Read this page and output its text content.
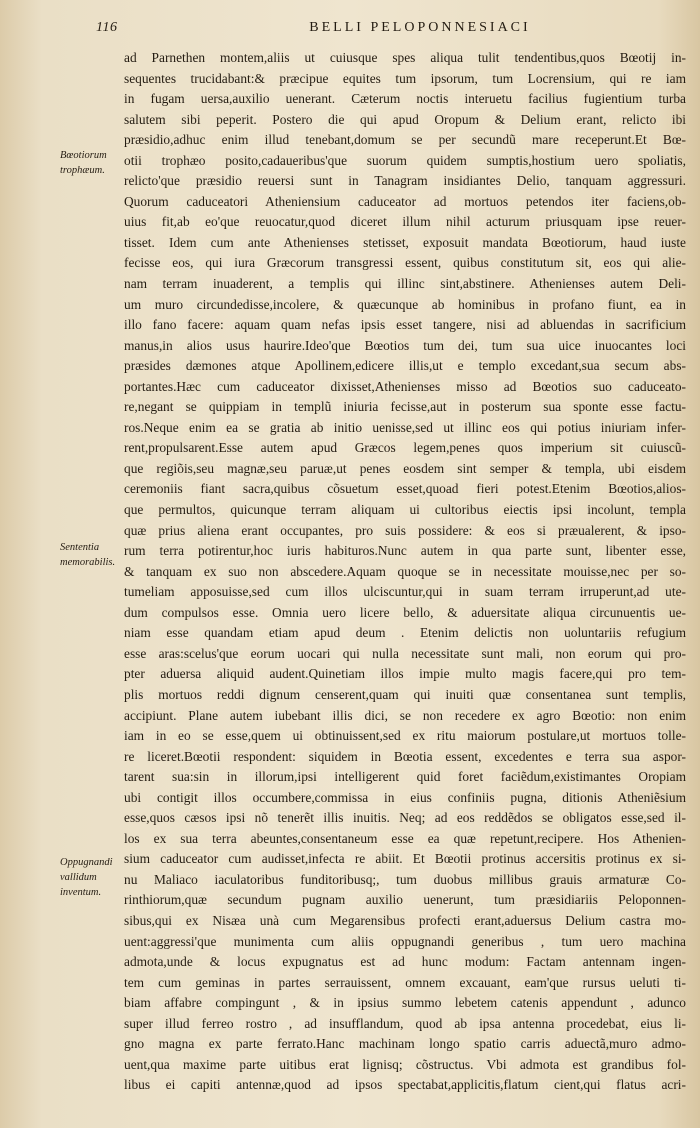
116	BELLI PELOPONNESIACI
Bœotiorum trophæum.
Sententia memorabilis.
Oppugnandi vallidum inventum.
ad Parnethen montem,aliis ut cuiusque spes aliqua tulit tendentibus,quos Bœotij in-
sequentes trucidabant:& præcipue equites tum ipsorum, tum Locrensium, qui re iam
in fugam uersa,auxilio uenerant. Cæterum noctis interuetu facilius fugientium turba
salutem sibi peperit. Postero die qui apud Oropum & Delium erant, relicto ibi
præsidio,adhuc enim illud tenebant,domum se per secundũ mare receperunt.Et Bœ-
otii trophæo posito,cadaueribus'que suorum quidem sumptis,hostium uero spoliatis,
relicto'que præsidio reuersi sunt in Tanagram insidiantes Delio, tanquam aggressuri.
Quorum caduceatori Atheniensium caduceator ad mortuos petendos iter faciens,ob-
uius fit,ab eo'que reuocatur,quod diceret illum nihil acturum priusquam ipse reuer-
tisset. Idem cum ante Athenienses stetisset, exposuit mandata Bœotiorum, haud iuste
fecisse eos, qui iura Græcorum transgressi essent, quibus constitutum sit, eos qui alie-
nam terram inuaderent, a templis qui illinc sint,abstinere. Athenienses autem Deli-
um muro circundedisse,incolere, & quæcunque ab hominibus in profano fiunt, ea in
illo fano facere: aquam quam nefas ipsis esset tangere, nisi ad abluendas in sacrificium
manus,in alios usus haurire.Ideo'que Bœotios tum dei, tum sua uice inuocantes loci
præsides dæmones atque Apollinem,edicere illis,ut e templo excedant,sua secum abs-
portantes.Hæc cum caduceator dixisset,Athenienses misso ad Bœotios suo caduceato-
re,negant se quippiam in templũ iniuria fecisse,aut in posterum sua sponte esse factu-
ros.Neque enim ea se gratia ab initio uenisse,sed ut illinc eos qui potius iniuriam infer-
rent,propulsarent.Esse autem apud Græcos legem,penes quos imperium sit cuiuscũ-
que regiõis,seu magnæ,seu paruæ,ut penes eosdem sint semper & templa, ubi eisdem
ceremoniis fiant sacra,quibus cõsuetum esset,quoad fieri potest.Etenim Bœotios,alios-
que permultos, quicunque terram aliquam ui cultoribus eiectis ipsi incolunt, templa
quæ prius aliena erant occupantes, pro suis possidere: & eos si præualerent, & ipso-
rum terra potirentur,hoc iuris habituros.Nunc autem in qua parte sunt, libenter esse,
& tanquam ex suo non abscedere.Aquam quoque se in necessitate mouisse,nec per so-
tumeliam apposuisse,sed cum illos ulciscuntur,qui in suam terram irruperunt,ad ute-
dum compulsos esse. Omnia uero licere bello, & aduersitate aliqua circunuentis ue-
niam esse quandam etiam apud deum . Etenim delictis non uoluntariis refugium
esse aras:scelus'que eorum uocari qui nulla necessitate sunt mali, non eorum qui pro-
pter aduersa aliquid audent.Quinetiam illos impie multo magis facere,qui pro tem-
plis mortuos reddi dignum censerent,quam qui inuiti quæ consentanea sunt templis,
accipiunt. Plane autem iubebant illis dici, se non recedere ex agro Bœotio: non enim
iam in eo se esse,quem ui obtinuissent,sed ex ritu maiorum postulare,ut mortuos tolle-
re liceret.Bœotii respondent: siquidem in Bœotia essent, excedentes e terra sua aspor-
tarent sua:sin in illorum,ipsi intelligerent quid foret faciẽdum,existimantes Oropiam
ubi contigit illos occumbere,commissa in eius confiniis pugna, ditionis Atheniẽsium
esse,quos cæsos ipsi nõ tenerẽt illis inuitis. Neq; ad eos reddẽdos se obligatos esse,sed il-
los ex sua terra abeuntes,consentaneum esse ea quæ repetunt,recipere. Hos Athenien-
sium caduceator cum audisset,infecta re abiit. Et Bœotii protinus accersitis protinus ex si-
nu Maliaco iaculatoribus funditoribusq;, tum duobus millibus grauis armaturæ Co-
rinthiorum,quæ secundum pugnam auxilio uenerunt, tum præsidiariis Peloponnen-
sibus,qui ex Nisæa unà cum Megarensibus profecti erant,aduersus Delium castra mo-
uent:aggressi'que munimenta cum aliis oppugnandi generibus , tum uero machina
admota,unde & locus expugnatus est ad hunc modum: Factam antennam ingen-
tem cum geminas in partes serrauissent, omnem excauant, eam'que rursus ueluti ti-
biam affabre compingunt , & in ipsius summo lebetem catenis appendunt , adunco
super illud ferreo rostro , ad insufflandum, quod ab ipsa antenna procedebat, eius li-
gno magna ex parte ferrato.Hanc machinam longo spatio carris aduectã,muro admo-
uent,qua maxime parte uitibus erat lignisq; cõstructus. Vbi admota est grandibus fol-
libus ei capiti antennæ,quod ad ipsos spectabat,applicitis,flatum cient,qui flatus acri-
